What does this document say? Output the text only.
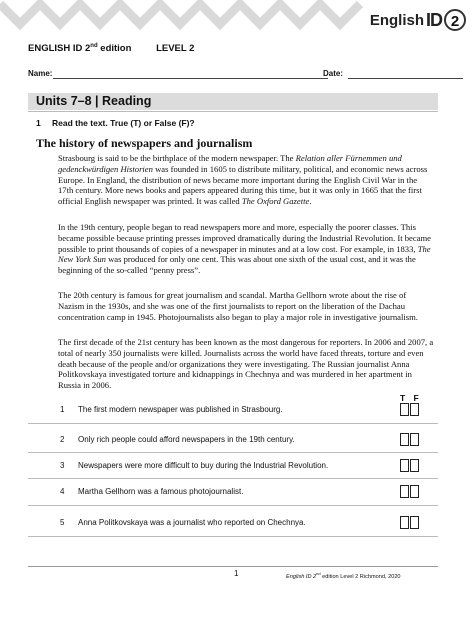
English ID 2
ENGLISH ID 2nd edition	LEVEL 2
Name:	Date:
Units 7–8 | Reading
1 Read the text. True (T) or False (F)?
The history of newspapers and journalism

Strasbourg is said to be the birthplace of the modern newspaper. The Relation aller Fürnemmen und gedenckwürdigen Historien was founded in 1605 to distribute military, political, and economic news across Europe. In England, the distribution of news became more important during the English Civil War in the 17th century. More news books and papers appeared during this time, but it was only in 1665 that the first official English newspaper was printed. It was called The Oxford Gazette.

In the 19th century, people began to read newspapers more and more, especially the poorer classes. This became possible because printing presses improved dramatically during the Industrial Revolution. It became possible to print thousands of copies of a newspaper in minutes and at a low cost. For example, in 1833, The New York Sun was produced for only one cent. This was about one sixth of the usual cost, and it was the beginning of the so-called “penny press”.

The 20th century is famous for great journalism and scandal. Martha Gellhorn wrote about the rise of Nazism in the 1930s, and she was one of the first journalists to report on the liberation of the Dachau concentration camp in 1945. Photojournalists also began to play a major role in investigative journalism.

The first decade of the 21st century has been known as the most dangerous for reporters. In 2006 and 2007, a total of nearly 350 journalists were killed. Journalists across the world have faced threats, torture and even death because of the people and/or organizations they were investigating. The Russian journalist Anna Politkovskaya investigated torture and kidnappings in Chechnya and was murdered in her apartment in Russia in 2006.

T F
1 The first modern newspaper was published in Strasbourg.
2 Only rich people could afford newspapers in the 19th century.
3 Newspapers were more difficult to buy during the Industrial Revolution.
4 Martha Gellhorn was a famous photojournalist.
5 Anna Politkovskaya was a journalist who reported on Chechnya.
1	English ID 2nd edition Level 2 Richmond, 2020
